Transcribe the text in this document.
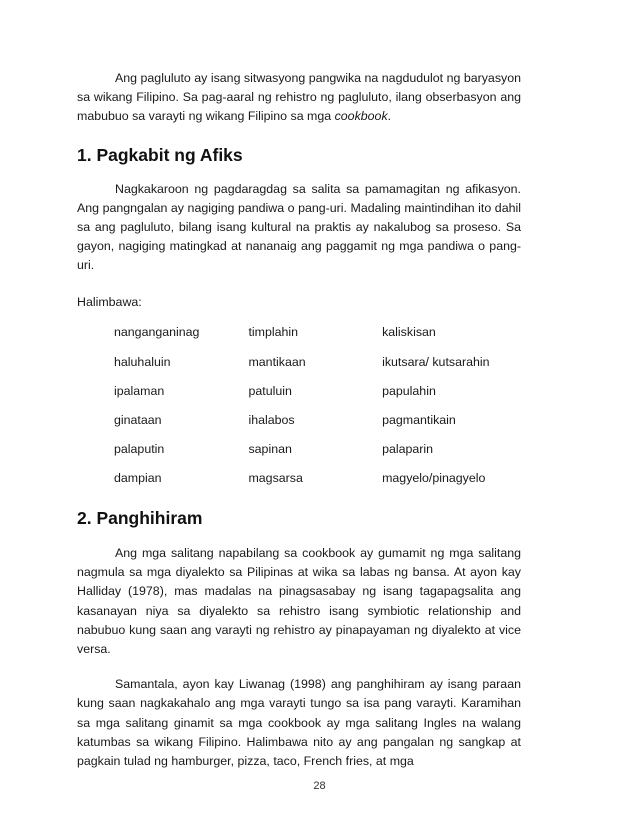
Ang pagluluto ay isang sitwasyong pangwika na nagdudulot ng baryasyon sa wikang Filipino. Sa pag-aaral ng rehistro ng pagluluto, ilang obserbasyon ang mabubuo sa varayti ng wikang Filipino sa mga cookbook.

1. Pagkabit ng Afiks

Nagkakaroon ng pagdaragdag sa salita sa pamamagitan ng afikasyon. Ang pangngalan ay nagiging pandiwa o pang-uri. Madaling maintindihan ito dahil sa ang pagluluto, bilang isang kultural na praktis ay nakalubog sa proseso. Sa gayon, nagiging matingkad at nananaig ang paggamit ng mga pandiwa o pang-uri.

Halimbawa:

nanganganinag	timplahin	kaliskisan
haluhaluin	mantikaan	ikutsara/ kutsarahin
ipalaman	patuluin	papulahin
ginataan	ihalabos	pagmantikain
palaputin	sapinan	palaparin
dampian	magsarsa	magyelo/pinagyelo
2. Panghihiram

Ang mga salitang napabilang sa cookbook ay gumamit ng mga salitang nagmula sa mga diyalekto sa Pilipinas at wika sa labas ng bansa. At ayon kay Halliday (1978), mas madalas na pinagsasabay ng isang tagapagsalita ang kasanayan niya sa diyalekto sa rehistro isang symbiotic relationship and nabubuo kung saan ang varayti ng rehistro ay pinapayaman ng diyalekto at vice versa.

Samantala, ayon kay Liwanag (1998) ang panghihiram ay isang paraan kung saan nagkakahalo ang mga varayti tungo sa isa pang varayti. Karamihan sa mga salitang ginamit sa mga cookbook ay mga salitang Ingles na walang katumbas sa wikang Filipino. Halimbawa nito ay ang pangalan ng sangkap at pagkain tulad ng hamburger, pizza, taco, French fries, at mga

28
